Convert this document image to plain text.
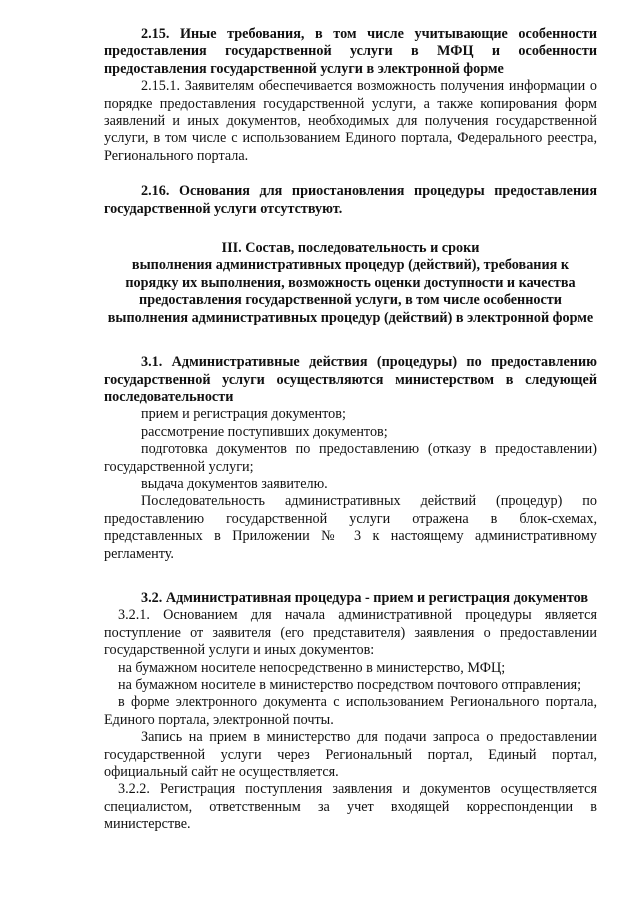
2.15. Иные требования, в том числе учитывающие особенности предоставления государственной услуги в МФЦ и особенности предоставления государственной услуги в электронной форме

2.15.1. Заявителям обеспечивается возможность получения информации о порядке предоставления государственной услуги, а также копирования форм заявлений и иных документов, необходимых для получения государственной услуги, в том числе с использованием Единого портала, Федерального реестра, Регионального портала.

2.16. Основания для приостановления процедуры предоставления государственной услуги отсутствуют.

III. Состав, последовательность и сроки

выполнения административных процедур (действий), требования к порядку их выполнения, возможность оценки доступности и качества предоставления государственной услуги, в том числе особенности выполнения административных процедур (действий) в электронной форме

3.1. Административные действия (процедуры) по предоставлению государственной услуги осуществляются министерством в следующей последовательности

прием и регистрация документов;

рассмотрение поступивших документов;

подготовка документов по предоставлению (отказу в предоставлении) государственной услуги;

выдача документов заявителю.

Последовательность административных действий (процедур) по предоставлению государственной услуги отражена в блок-схемах, представленных в Приложении № 3 к настоящему административному регламенту.

3.2. Административная процедура - прием и регистрация документов

3.2.1. Основанием для начала административной процедуры является поступление от заявителя (его представителя) заявления о предоставлении государственной услуги и иных документов:

на бумажном носителе непосредственно в министерство, МФЦ;

на бумажном носителе в министерство посредством почтового отправления;

в форме электронного документа с использованием Регионального портала, Единого портала, электронной почты.

Запись на прием в министерство для подачи запроса о предоставлении государственной услуги через Региональный портал, Единый портал, официальный сайт не осуществляется.

3.2.2. Регистрация поступления заявления и документов осуществляется специалистом, ответственным за учет входящей корреспонденции в министерстве.
